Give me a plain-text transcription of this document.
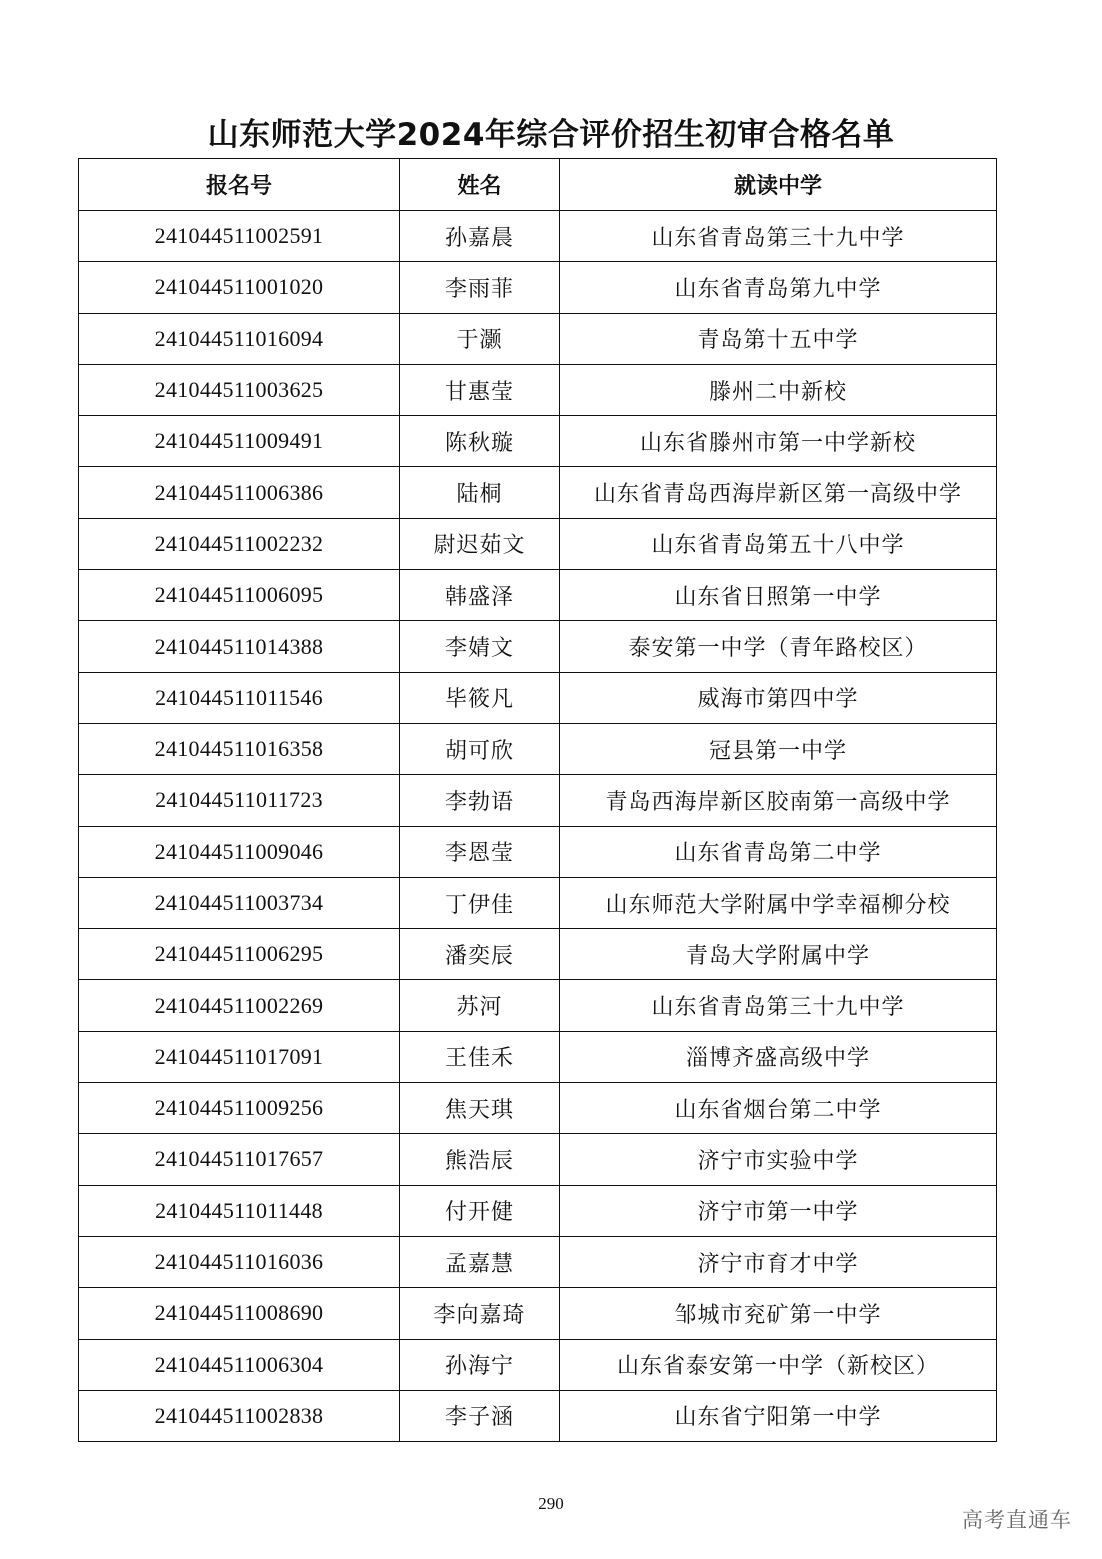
山东师范大学2024年综合评价招生初审合格名单
报名号	姓名	就读中学
241044511002591	孙嘉晨	山东省青岛第三十九中学
241044511001020	李雨菲	山东省青岛第九中学
241044511016094	于灏	青岛第十五中学
241044511003625	甘惠莹	滕州二中新校
241044511009491	陈秋璇	山东省滕州市第一中学新校
241044511006386	陆桐	山东省青岛西海岸新区第一高级中学
241044511002232	尉迟茹文	山东省青岛第五十八中学
241044511006095	韩盛泽	山东省日照第一中学
241044511014388	李婧文	泰安第一中学（青年路校区）
241044511011546	毕筱凡	威海市第四中学
241044511016358	胡可欣	冠县第一中学
241044511011723	李勃语	青岛西海岸新区胶南第一高级中学
241044511009046	李恩莹	山东省青岛第二中学
241044511003734	丁伊佳	山东师范大学附属中学幸福柳分校
241044511006295	潘奕辰	青岛大学附属中学
241044511002269	苏河	山东省青岛第三十九中学
241044511017091	王佳禾	淄博齐盛高级中学
241044511009256	焦天琪	山东省烟台第二中学
241044511017657	熊浩辰	济宁市实验中学
241044511011448	付开健	济宁市第一中学
241044511016036	孟嘉慧	济宁市育才中学
241044511008690	李向嘉琦	邹城市兖矿第一中学
241044511006304	孙海宁	山东省泰安第一中学（新校区）
241044511002838	李子涵	山东省宁阳第一中学
290
高考直通车
